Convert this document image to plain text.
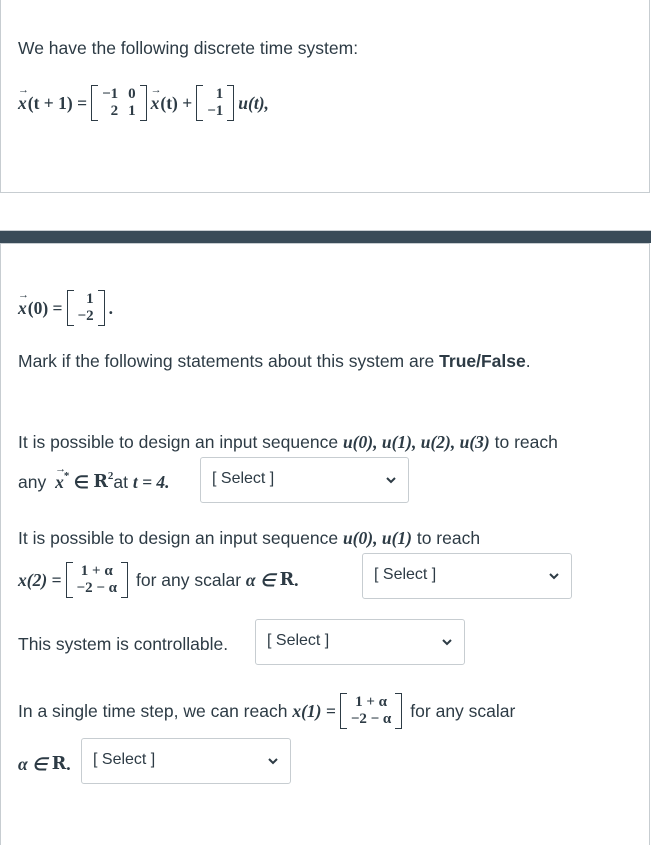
We have the following discrete time system:
→ x (t + 1) = −1 0
2 1 → x (t) +	1
−1 u(t),
→ x (0) =	1
−2 .
Mark if the following statements about this system are True/False.
It is possible to design an input sequence u(0), u(1), u(2), u(3) to reach
any → x* ∈ $R^2$ at t = 4.	[ Select ]
It is possible to design an input sequence u(0), u(1) to reach
x(2) = 1 + α
−2 − α for any scalar α ∈ R .	[ Select ]
This system is controllable. [ Select ]
In a single time step, we can reach x(1) = 1 + α
−2 − α for any scalar
α ∈ R . [ Select ]
